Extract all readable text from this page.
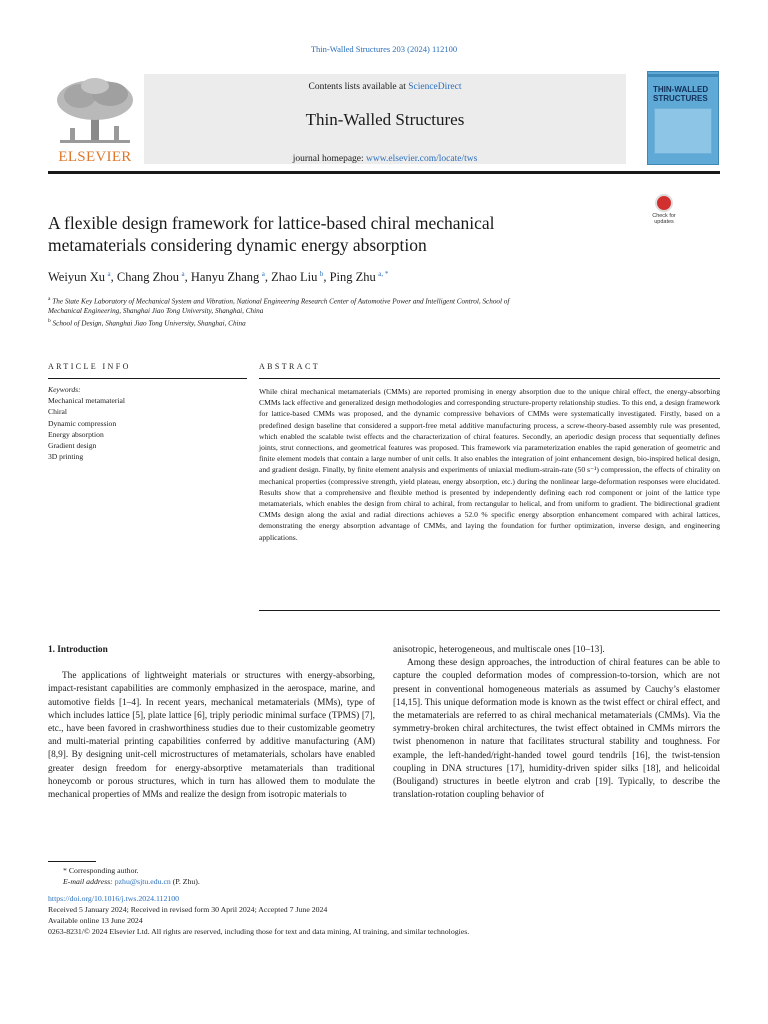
Thin-Walled Structures 203 (2024) 112100
ELSEVIER
Contents lists available at ScienceDirect
Thin-Walled Structures
journal homepage: www.elsevier.com/locate/tws
THIN-WALLED
STRUCTURES
A flexible design framework for lattice-based chiral mechanical
metamaterials considering dynamic energy absorption
Check for
updates
Weiyun Xu  $^a$, Chang Zhou  $^a$, Hanyu Zhang  $^a$, Zhao Liu  $^b$, Ping Zhu  $^{a, *}$
$^a$ The State Key Laboratory of Mechanical System and Vibration, National Engineering Research Center of Automotive Power and Intelligent Control, School of
Mechanical Engineering, Shanghai Jiao Tong University, Shanghai, China
$^b$ School of Design, Shanghai Jiao Tong University, Shanghai, China
ARTICLE INFO	ABSTRACT
Keywords:
Mechanical metamaterial
Chiral
Dynamic compression
Energy absorption
Gradient design
3D printing
While chiral mechanical metamaterials (CMMs) are reported promising in energy absorption due to the unique chiral effect, the energy-absorbing CMMs lack effective and generalized design methodologies and corresponding structure-property relationship studies. To this end, a design framework for lattice-based CMMs was proposed, and the dynamic compressive behaviors of CMMs were systematically investigated. Firstly, based on a predefined design baseline that considered a support-free metal additive manufacturing process, a screw-theory-based assembly rule was presented, which enabled the scalable twist effects and the characterization of chiral features. Secondly, an aperiodic design process that sequentially defines joints, strut connections, and geometrical features was proposed. This framework via parameterization enables the rapid generation of geometric and finite element models that contain a large number of unit cells. It also enables the integration of joint enhancement design, bio-inspired helical design, and gradient design. Finally, by finite element analysis and experiments of uniaxial medium-strain-rate (50 s⁻¹) compression, the effects of chirality on mechanical properties (compressive strength, yield plateau, energy absorption, etc.) during the nonlinear large-deformation responses were elucidated. Results show that a comprehensive and flexible method is presented by independently defining each rod component or joint of the lattice type metamaterials, which enables the design from chiral to achiral, from rectangular to helical, and from uniform to gradient. The bidirectional gradient CMMs design along the axial and radial directions achieves a 52.0 % specific energy absorption enhancement compared with achiral lattices, demonstrating the energy absorption advantage of CMMs, and laying the foundation for further optimization, inverse design, and engineering applications.
1. Introduction
The applications of lightweight materials or structures with energy-absorbing, impact-resistant capabilities are commonly emphasized in the aerospace, marine, and automotive fields [1–4]. In recent years, mechanical metamaterials (MMs), type of which includes lattice [5], plate lattice [6], triply periodic minimal surface (TPMS) [7], etc., have been favored in crashworthiness studies due to their customizable geometry and multi-material printing capabilities conferred by additive manufacturing (AM) [8,9]. By designing unit-cell microstructures of metamaterials, scholars have enabled greater design freedom for energy-absorptive metamaterials than traditional honeycomb or porous structures, which in turn has allowed them to modulate the mechanical properties of MMs and realize the design from isotropic materials to
anisotropic, heterogeneous, and multiscale ones [10–13].
Among these design approaches, the introduction of chiral features can be able to capture the coupled deformation modes of compression-to-torsion, which are not present in conventional homogeneous materials as assumed by Cauchy’s elastomer [14,15]. This unique deformation mode is known as the twist effect or chiral effect, and the metamaterials are referred to as chiral mechanical metamaterials (CMMs). Via the symmetry-broken chiral architectures, the twist effect obtained in CMMs mirrors the twist phenomenon in nature that facilitates structural stability and toughness. For example, the left-handed/right-handed towel gourd tendrils [16], the twist-tension coupling in DNA structures [17], humidity-driven spider silks [18], and helicoidal (Bouligand) structures in beetle elytron and crab [19]. Typically, to describe the translation-rotation coupling behavior of
* Corresponding author.
E-mail address: pzhu@sjtu.edu.cn (P. Zhu).
https://doi.org/10.1016/j.tws.2024.112100
Received 5 January 2024; Received in revised form 30 April 2024; Accepted 7 June 2024
Available online 13 June 2024
0263-8231/© 2024 Elsevier Ltd. All rights are reserved, including those for text and data mining, AI training, and similar technologies.
